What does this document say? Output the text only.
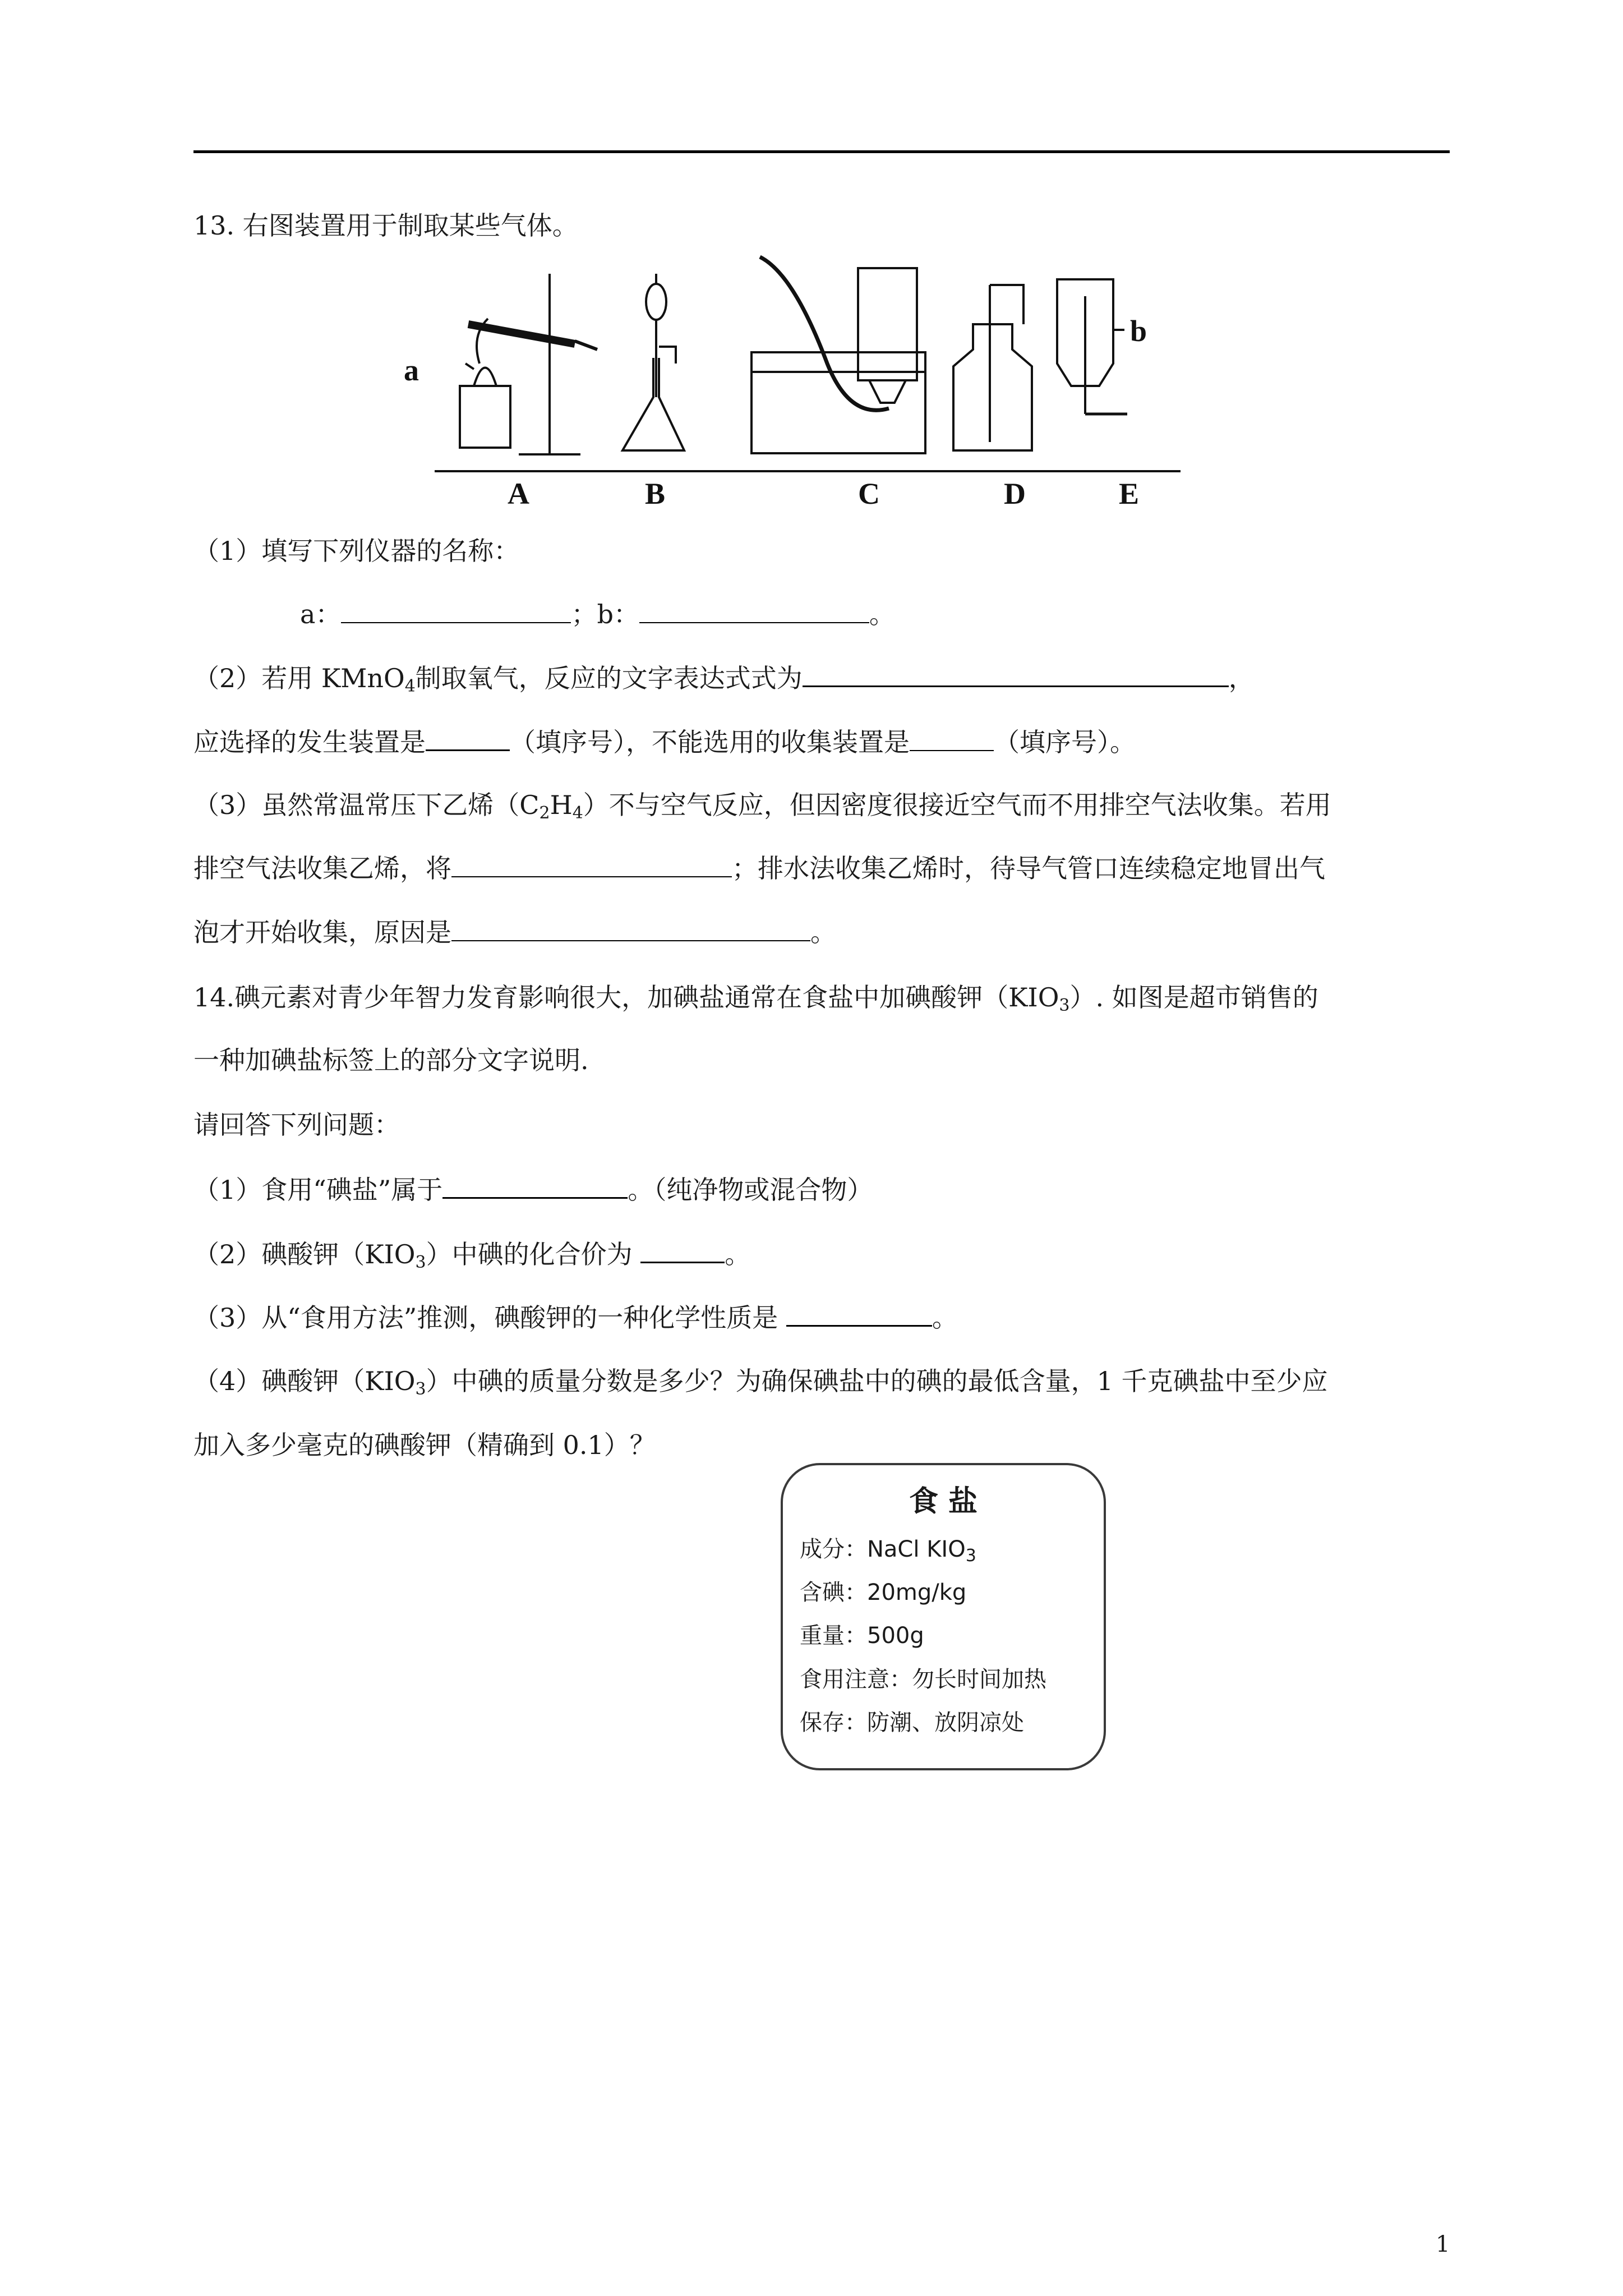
13. 右图装置用于制取某些气体。
a
b
A	B	C	D	E
（1）填写下列仪器的名称：
a：	；b：	。
（2）若用 KMnO$_4$制取氧气，反应的文字表达式式为	，
应选择的发生装置是	（填序号），不能选用的收集装置是	（填序号）。
（3）虽然常温常压下乙烯$(C_2H_4)$不与空气反应，但因密度很接近空气而不用排空气法收集。若用
排空气法收集乙烯，将	；排水法收集乙烯时，待导气管口连续稳定地冒出气
泡才开始收集，原因是	。
14.碘元素对青少年智力发育影响很大，加碘盐通常在食盐中加碘酸钾$(KIO_3)$. 如图是超市销售的
一种加碘盐标签上的部分文字说明.
请回答下列问题：
（1）食用“碘盐”属于	。（纯净物或混合物）
（2）碘酸钾$(KIO_3)$中碘的化合价为	。
（3）从“食用方法”推测，碘酸钾的一种化学性质是	。
（4）碘酸钾$(KIO_3)$中碘的质量分数是多少？为确保碘盐中的碘的最低含量，1 千克碘盐中至少应
加入多少毫克的碘酸钾（精确到 0.1）？
食 盐
成分：NaCl $KIO_3$
含碘：20mg/kg
重量：500g
食用注意：勿长时间加热
保存：防潮、放阴凉处
1
